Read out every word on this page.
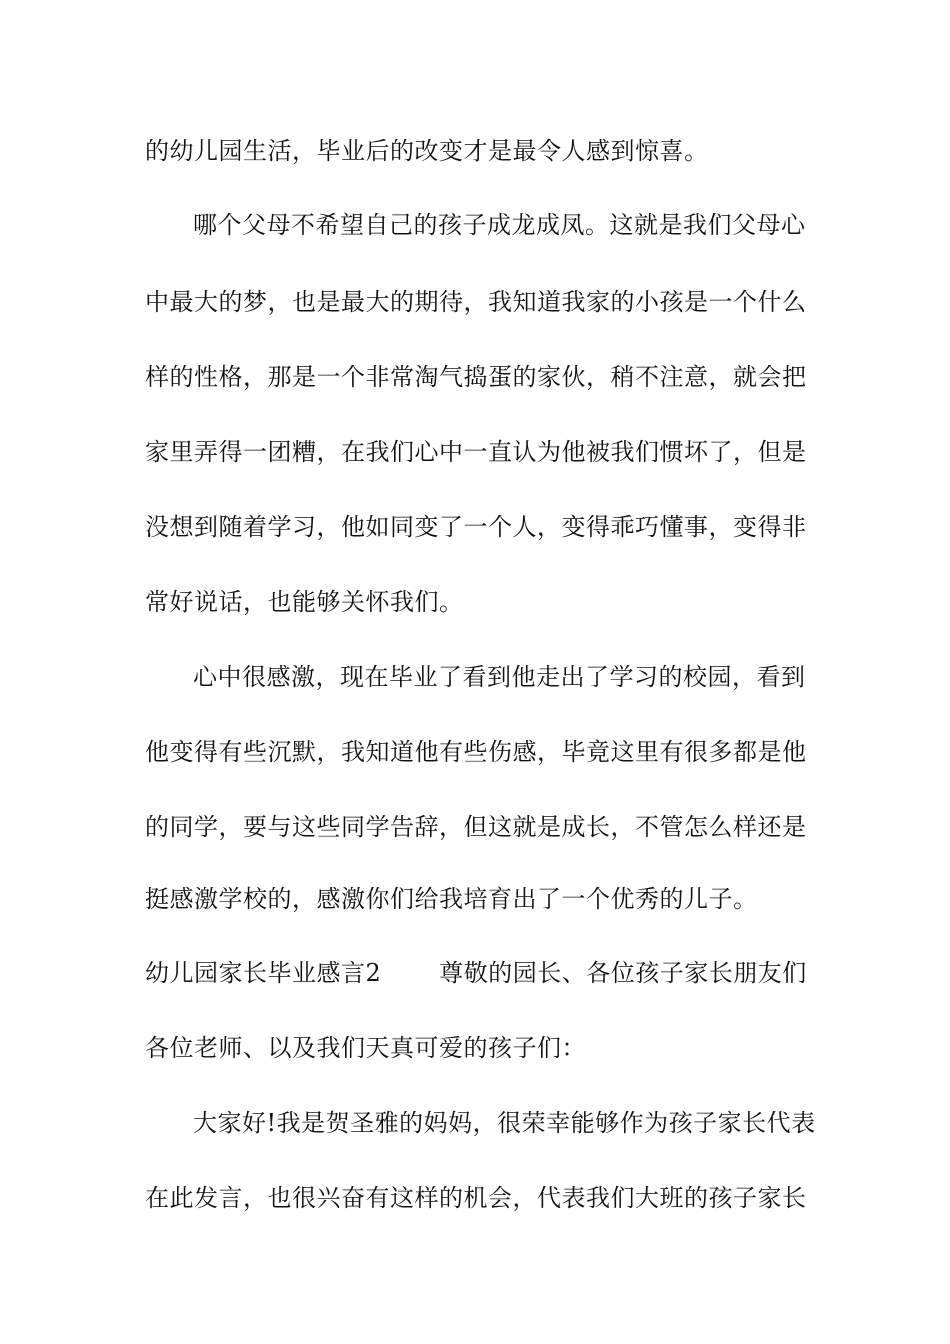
的幼儿园生活，毕业后的改变才是最令人感到惊喜。
哪个父母不希望自己的孩子成龙成凤。这就是我们父母心
中最大的梦，也是最大的期待，我知道我家的小孩是一个什么
样的性格，那是一个非常淘气捣蛋的家伙，稍不注意，就会把
家里弄得一团糟，在我们心中一直认为他被我们惯坏了，但是
没想到随着学习，他如同变了一个人，变得乖巧懂事，变得非
常好说话，也能够关怀我们。
心中很感激，现在毕业了看到他走出了学习的校园，看到
他变得有些沉默，我知道他有些伤感，毕竟这里有很多都是他
的同学，要与这些同学告辞，但这就是成长，不管怎么样还是
挺感激学校的，感激你们给我培育出了一个优秀的儿子。
幼儿园家长毕业感言2 尊敬的园长、各位孩子家长朋友们
各位老师、以及我们天真可爱的孩子们：
大家好!我是贺圣雅的妈妈，很荣幸能够作为孩子家长代表
在此发言，也很兴奋有这样的机会，代表我们大班的孩子家长
